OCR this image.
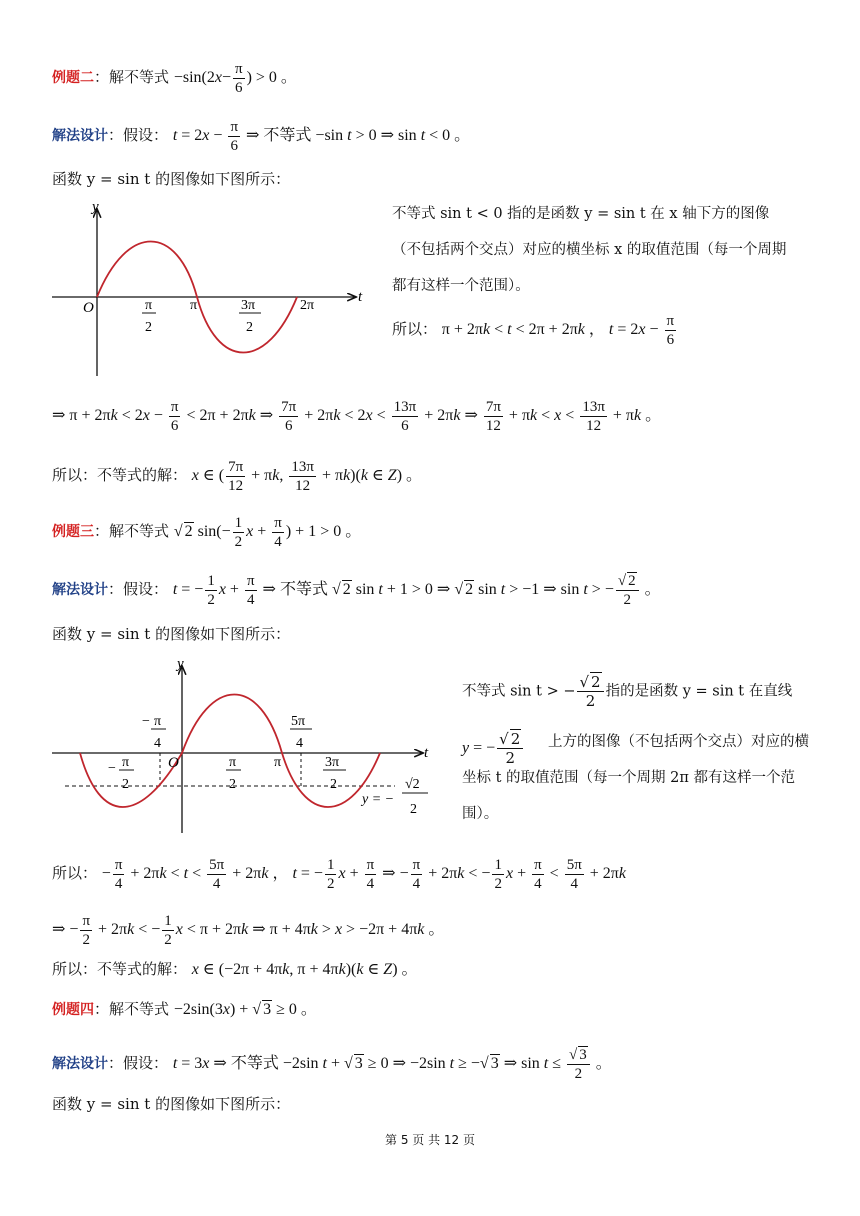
例题二：解不等式 $-\sin(2x- \frac{\pi}{6}$ ) > 0 。
解法设计：假设： $t = 2x - \frac{\pi}{6}$ ⇒ 不等式 −sin t > 0 ⇒ sin t < 0 。
函数 y = sin t 的图像如下图所示：
y
t
O	π
2
π	3π
2
2π
不等式 sin t < 0 指的是函数 y = sin t 在 x 轴下方的图像（不包括两个交点）对应的横坐标 x 的取值范围（每一个周期都有这样一个范围）。
所以： π + 2πk < t < 2π + 2πk ， $t = 2x - \frac{\pi}{6}$
⇒ $\pi + 2\pi k < 2x - \frac{\pi}{6} < 2\pi + 2\pi k$ ⇒ $\frac{7\pi}{6} + 2\pi k < 2x < \frac{13\pi}{6} + 2\pi k$ ⇒ $\frac{7\pi}{12} + \pi k < x < \frac{13\pi}{12} + \pi k$ 。
所以：不等式的解： x ∈ ( $\frac{7\pi}{12} + \pi k$, $\frac{13\pi}{12} + \pi k)(k$ ∈ Z) 。
例题三：解不等式 √ 2 $\sin(- \frac{1}{2}$ $x + \frac{\pi}{4}$ ) + 1 > 0 。
解法设计：假设： t = − $\frac{1}{2}$ $x + \frac{\pi}{4}$ ⇒ 不等式 √ 2 sin t + 1 > 0 ⇒ √ 2 sin t > −1 ⇒ sin t > − $\frac{√ 2}{2}$ 。
函数 y = sin t 的图像如下图所示：
y
t
O
− π
4
5π
4
− π
2
π
2
π	3π
2
y = −
√2
2
不等式 sin t > − $\frac{√ 2}{2}$ 指的是函数 y = sin t 在直线
y = − $\frac{√ 2}{2}$	上方的图像（不包括两个交点）对应的横坐标 t 的取值范围（每一个周期 2π 都有这样一个范围）。
所以： − $\frac{\pi}{4} + 2\pi k < t < \frac{5\pi}{4} + 2\pi k$ ， t = − $\frac{1}{2}$ $x + \frac{\pi}{4}$ ⇒ − $\frac{\pi}{4} + 2\pi k$ < − $\frac{1}{2}$ $x + \frac{\pi}{4} < \frac{5\pi}{4} + 2\pi k$
⇒ − $\frac{\pi}{2} + 2\pi k$ < − $\frac{1}{2}$ x < π + 2πk ⇒ π + 4πk > x > −2π + 4πk 。
所以：不等式的解： x ∈ (−2π + 4πk, π + 4πk)(k ∈ Z) 。
例题四：解不等式 −2sin(3x) + √ 3 ≥ 0 。
解法设计：假设： t = 3x ⇒ 不等式 −2sin t + √ 3 ≥ 0 ⇒ −2sin t ≥ −√ 3 ⇒ $\sin t \le \frac{√ 3}{2}$ 。
函数 y = sin t 的图像如下图所示：
第 5 页 共 12 页
